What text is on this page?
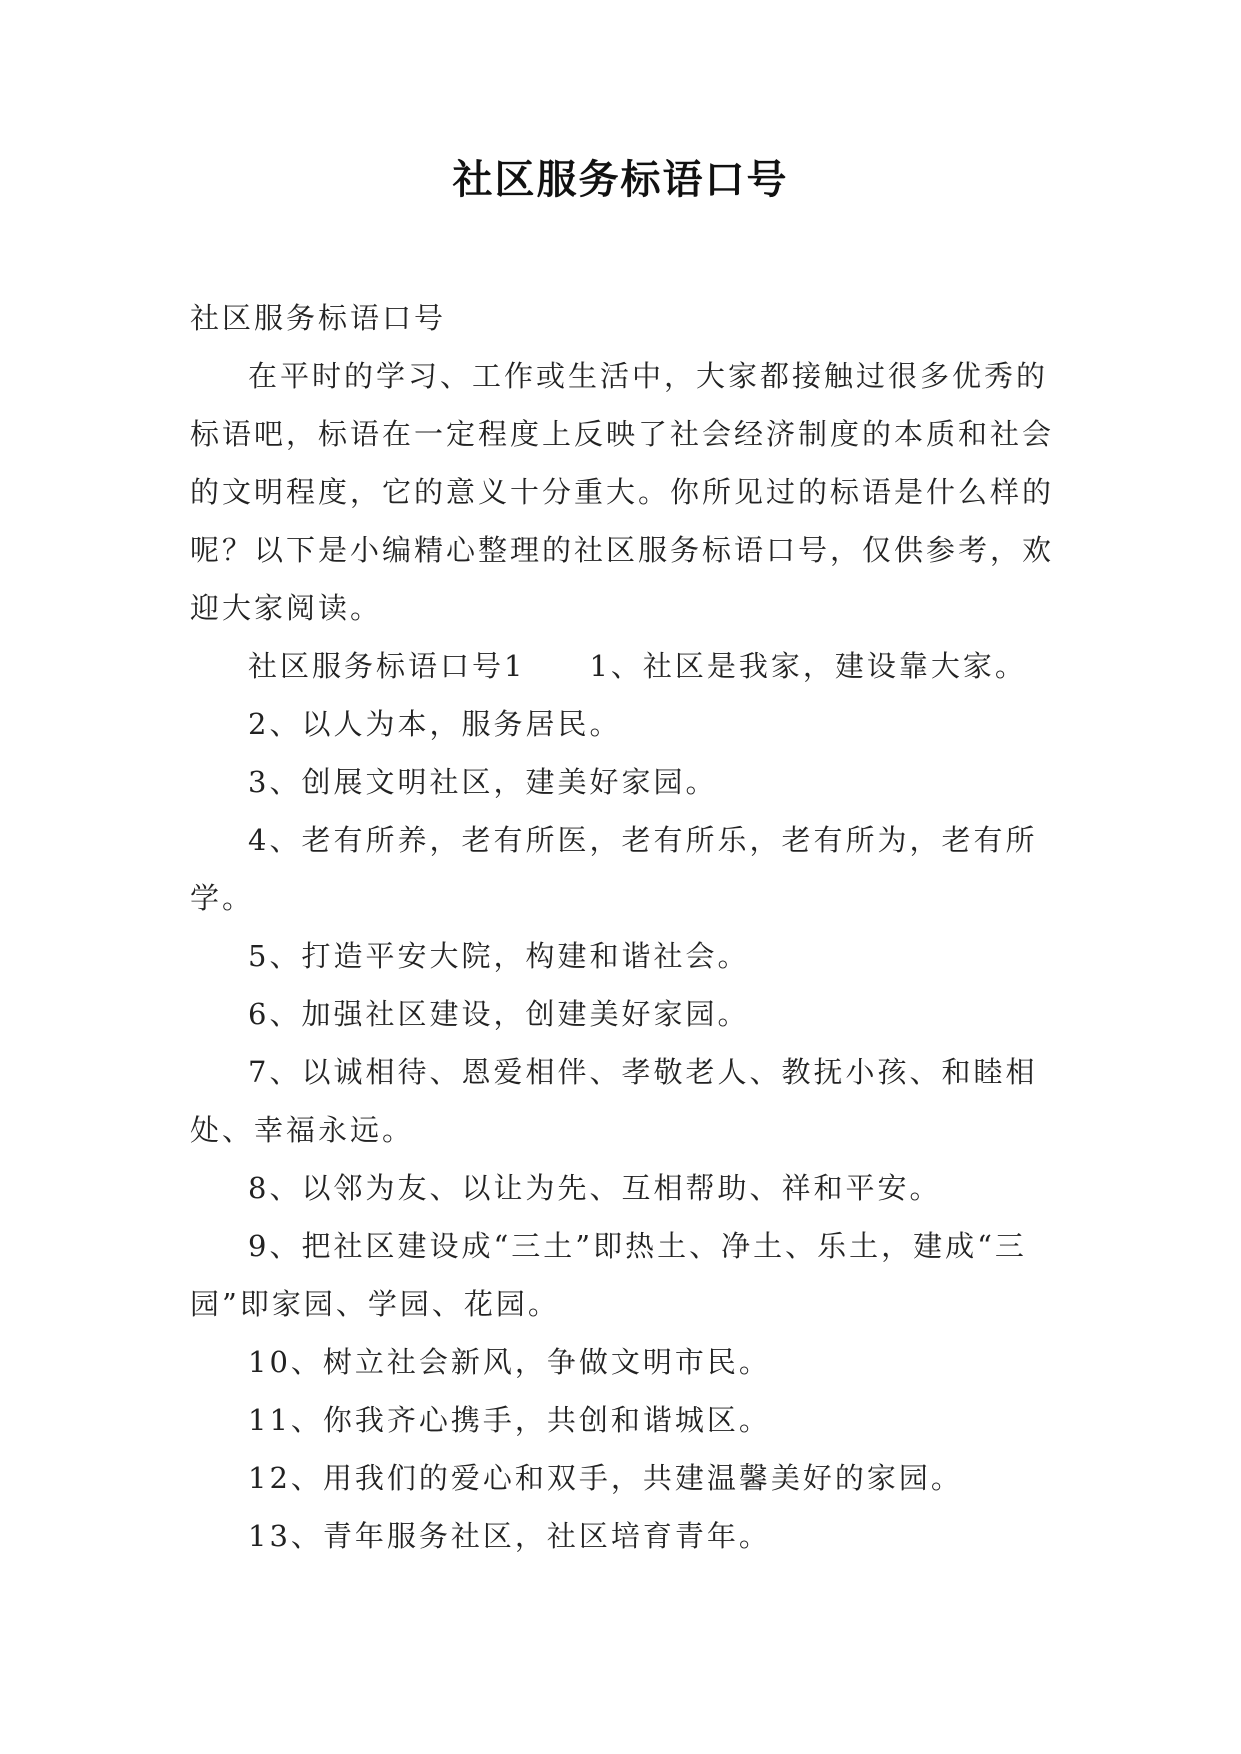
社区服务标语口号

社区服务标语口号

在平时的学习、工作或生活中，大家都接触过很多优秀的标语吧，标语在一定程度上反映了社会经济制度的本质和社会的文明程度，它的意义十分重大。你所见过的标语是什么样的呢？以下是小编精心整理的社区服务标语口号，仅供参考，欢迎大家阅读。

社区服务标语口号1　　1、社区是我家，建设靠大家。

2、以人为本，服务居民。

3、创展文明社区，建美好家园。

4、老有所养，老有所医，老有所乐，老有所为，老有所学。

5、打造平安大院，构建和谐社会。

6、加强社区建设，创建美好家园。

7、以诚相待、恩爱相伴、孝敬老人、教抚小孩、和睦相处、幸福永远。

8、以邻为友、以让为先、互相帮助、祥和平安。

9、把社区建设成“三土”即热土、净土、乐土，建成“三园”即家园、学园、花园。

10、树立社会新风，争做文明市民。

11、你我齐心携手，共创和谐城区。

12、用我们的爱心和双手，共建温馨美好的家园。

13、青年服务社区，社区培育青年。
